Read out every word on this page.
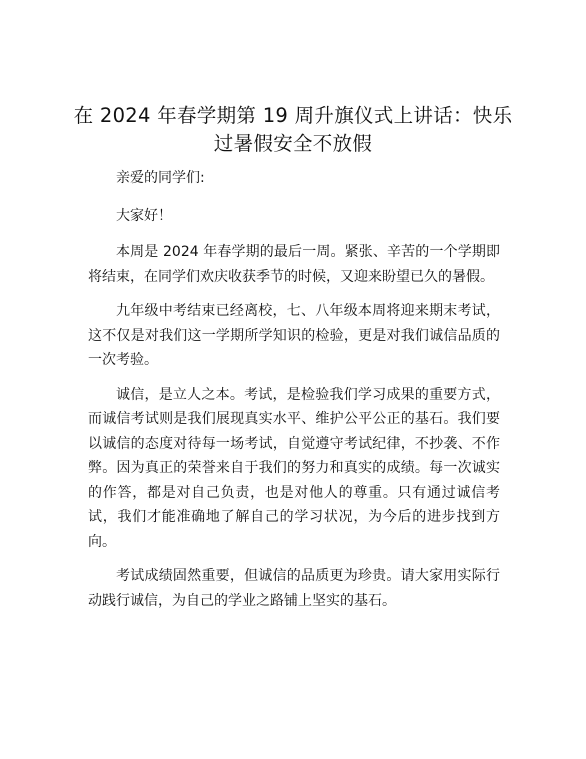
在 2024 年春学期第 19 周升旗仪式上讲话：快乐过暑假安全不放假

亲爱的同学们:

大家好！

本周是 2024 年春学期的最后一周。紧张、辛苦的一个学期即将结束，在同学们欢庆收获季节的时候，又迎来盼望已久的暑假。

九年级中考结束已经离校，七、八年级本周将迎来期末考试，这不仅是对我们这一学期所学知识的检验，更是对我们诚信品质的一次考验。

诚信，是立人之本。考试，是检验我们学习成果的重要方式，而诚信考试则是我们展现真实水平、维护公平公正的基石。我们要以诚信的态度对待每一场考试，自觉遵守考试纪律，不抄袭、不作弊。因为真正的荣誉来自于我们的努力和真实的成绩。每一次诚实的作答，都是对自己负责，也是对他人的尊重。只有通过诚信考试，我们才能准确地了解自己的学习状况，为今后的进步找到方向。

考试成绩固然重要，但诚信的品质更为珍贵。请大家用实际行动践行诚信，为自己的学业之路铺上坚实的基石。
